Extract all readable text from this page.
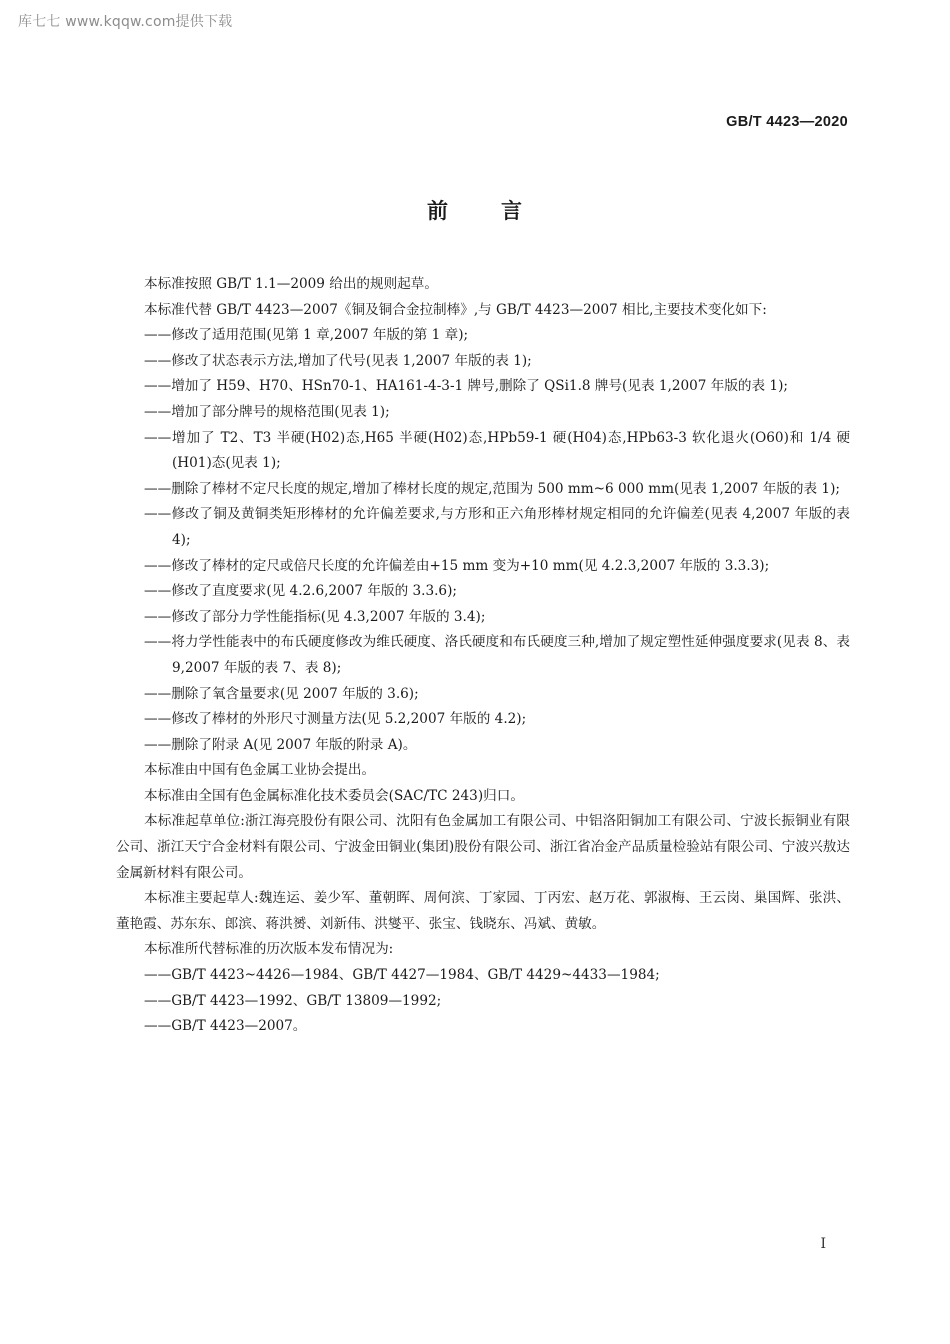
库七七 www.kqqw.com提供下载
GB/T 4423—2020
前 言

本标准按照 GB/T 1.1—2009 给出的规则起草。

本标准代替 GB/T 4423—2007《铜及铜合金拉制棒》,与 GB/T 4423—2007 相比,主要技术变化如下:

——修改了适用范围(见第 1 章,2007 年版的第 1 章);

——修改了状态表示方法,增加了代号(见表 1,2007 年版的表 1);

——增加了 H59、H70、HSn70-1、HA161-4-3-1 牌号,删除了 QSi1.8 牌号(见表 1,2007 年版的表 1);

——增加了部分牌号的规格范围(见表 1);

——增加了 T2、T3 半硬(H02)态,H65 半硬(H02)态,HPb59-1 硬(H04)态,HPb63-3 软化退火(O60)和 1/4 硬(H01)态(见表 1);

——删除了棒材不定尺长度的规定,增加了棒材长度的规定,范围为 500 mm~6 000 mm(见表 1,2007 年版的表 1);

——修改了铜及黄铜类矩形棒材的允许偏差要求,与方形和正六角形棒材规定相同的允许偏差(见表 4,2007 年版的表 4);

——修改了棒材的定尺或倍尺长度的允许偏差由+15 mm 变为+10 mm(见 4.2.3,2007 年版的 3.3.3);

——修改了直度要求(见 4.2.6,2007 年版的 3.3.6);

——修改了部分力学性能指标(见 4.3,2007 年版的 3.4);

——将力学性能表中的布氏硬度修改为维氏硬度、洛氏硬度和布氏硬度三种,增加了规定塑性延伸强度要求(见表 8、表 9,2007 年版的表 7、表 8);

——删除了氧含量要求(见 2007 年版的 3.6);

——修改了棒材的外形尺寸测量方法(见 5.2,2007 年版的 4.2);

——删除了附录 A(见 2007 年版的附录 A)。

本标准由中国有色金属工业协会提出。

本标准由全国有色金属标准化技术委员会(SAC/TC 243)归口。

本标准起草单位:浙江海亮股份有限公司、沈阳有色金属加工有限公司、中铝洛阳铜加工有限公司、宁波长振铜业有限公司、浙江天宁合金材料有限公司、宁波金田铜业(集团)股份有限公司、浙江省冶金产品质量检验站有限公司、宁波兴敖达金属新材料有限公司。

本标准主要起草人:魏连运、姜少军、董朝晖、周何滨、丁家园、丁丙宏、赵万花、郭淑梅、王云岗、巢国辉、张洪、董艳霞、苏东东、郎滨、蒋洪赟、刘新伟、洪燮平、张宝、钱晓东、冯斌、黄敏。

本标准所代替标准的历次版本发布情况为:

——GB/T 4423~4426—1984、GB/T 4427—1984、GB/T 4429~4433—1984;

——GB/T 4423—1992、GB/T 13809—1992;

——GB/T 4423—2007。

I
